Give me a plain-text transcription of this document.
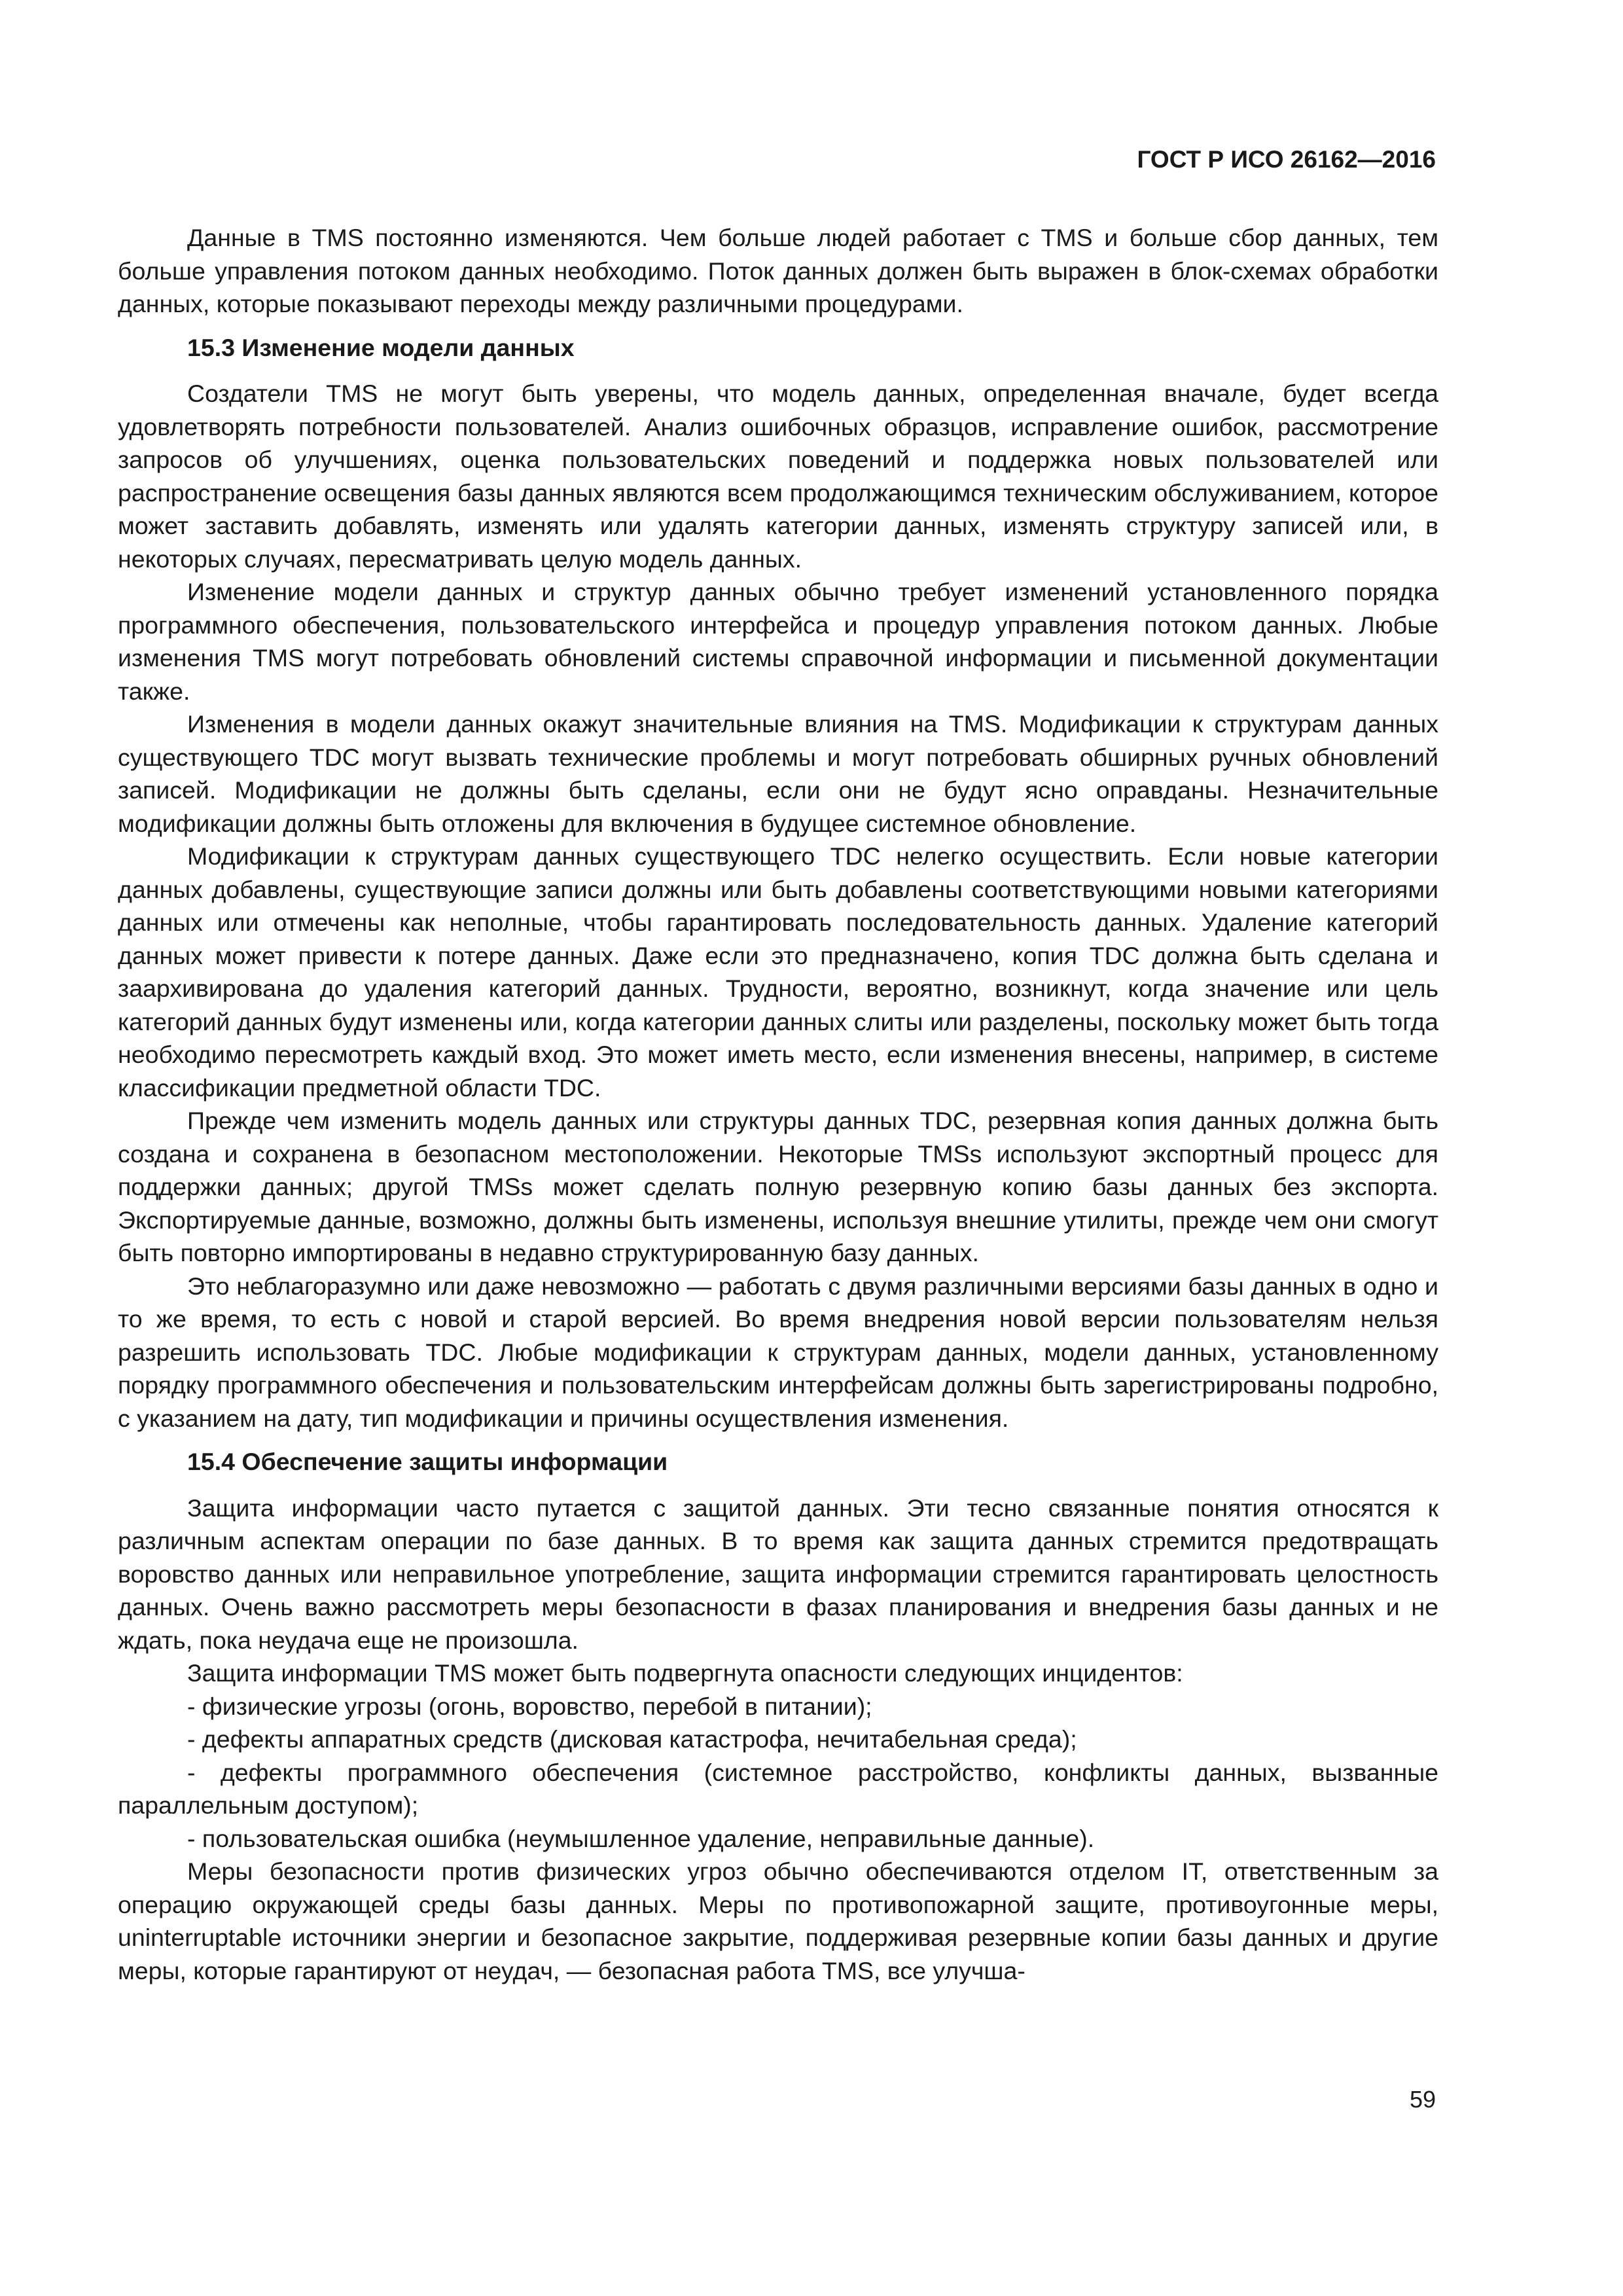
ГОСТ Р ИСО 26162—2016

Данные в TMS постоянно изменяются. Чем больше людей работает с TMS и больше сбор данных, тем больше управления потоком данных необходимо. Поток данных должен быть выражен в блок-схемах обработки данных, которые показывают переходы между различными процедурами.

15.3 Изменение модели данных

Создатели TMS не могут быть уверены, что модель данных, определенная вначале, будет всегда удовлетворять потребности пользователей. Анализ ошибочных образцов, исправление ошибок, рассмотрение запросов об улучшениях, оценка пользовательских поведений и поддержка новых пользователей или распространение освещения базы данных являются всем продолжающимся техническим обслуживанием, которое может заставить добавлять, изменять или удалять категории данных, изменять структуру записей или, в некоторых случаях, пересматривать целую модель данных.

Изменение модели данных и структур данных обычно требует изменений установленного порядка программного обеспечения, пользовательского интерфейса и процедур управления потоком данных. Любые изменения TMS могут потребовать обновлений системы справочной информации и письменной документации также.

Изменения в модели данных окажут значительные влияния на TMS. Модификации к структурам данных существующего TDC могут вызвать технические проблемы и могут потребовать обширных ручных обновлений записей. Модификации не должны быть сделаны, если они не будут ясно оправданы. Незначительные модификации должны быть отложены для включения в будущее системное обновление.

Модификации к структурам данных существующего TDC нелегко осуществить. Если новые категории данных добавлены, существующие записи должны или быть добавлены соответствующими новыми категориями данных или отмечены как неполные, чтобы гарантировать последовательность данных. Удаление категорий данных может привести к потере данных. Даже если это предназначено, копия TDC должна быть сделана и заархивирована до удаления категорий данных. Трудности, вероятно, возникнут, когда значение или цель категорий данных будут изменены или, когда категории данных слиты или разделены, поскольку может быть тогда необходимо пересмотреть каждый вход. Это может иметь место, если изменения внесены, например, в системе классификации предметной области TDC.

Прежде чем изменить модель данных или структуры данных TDC, резервная копия данных должна быть создана и сохранена в безопасном местоположении. Некоторые TMSs используют экспортный процесс для поддержки данных; другой TMSs может сделать полную резервную копию базы данных без экспорта. Экспортируемые данные, возможно, должны быть изменены, используя внешние утилиты, прежде чем они смогут быть повторно импортированы в недавно структурированную базу данных.

Это неблагоразумно или даже невозможно — работать с двумя различными версиями базы данных в одно и то же время, то есть с новой и старой версией. Во время внедрения новой версии пользователям нельзя разрешить использовать TDC. Любые модификации к структурам данных, модели данных, установленному порядку программного обеспечения и пользовательским интерфейсам должны быть зарегистрированы подробно, с указанием на дату, тип модификации и причины осуществления изменения.

15.4 Обеспечение защиты информации

Защита информации часто путается с защитой данных. Эти тесно связанные понятия относятся к различным аспектам операции по базе данных. В то время как защита данных стремится предотвращать воровство данных или неправильное употребление, защита информации стремится гарантировать целостность данных. Очень важно рассмотреть меры безопасности в фазах планирования и внедрения базы данных и не ждать, пока неудача еще не произошла.

Защита информации TMS может быть подвергнута опасности следующих инцидентов:

- физические угрозы (огонь, воровство, перебой в питании);

- дефекты аппаратных средств (дисковая катастрофа, нечитабельная среда);

- дефекты программного обеспечения (системное расстройство, конфликты данных, вызванные параллельным доступом);

- пользовательская ошибка (неумышленное удаление, неправильные данные).

Меры безопасности против физических угроз обычно обеспечиваются отделом IT, ответственным за операцию окружающей среды базы данных. Меры по противопожарной защите, противоугонные меры, uninterruptable источники энергии и безопасное закрытие, поддерживая резервные копии базы данных и другие меры, которые гарантируют от неудач, — безопасная работа TMS, все улучша-

59
